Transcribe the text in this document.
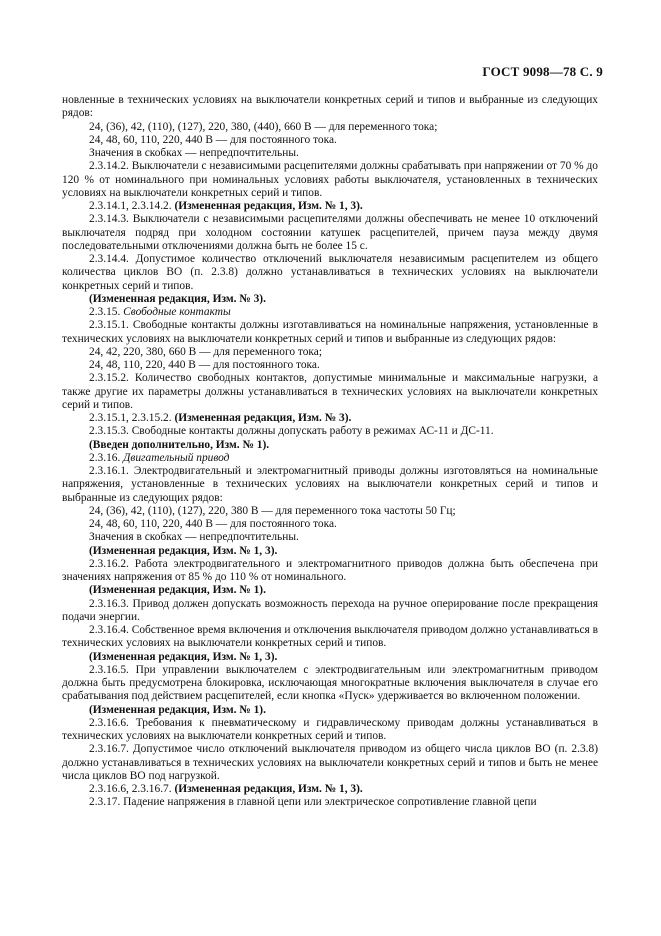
ГОСТ 9098—78 С. 9

новленные в технических условиях на выключатели конкретных серий и типов и выбранные из следующих рядов:

24, (36), 42, (110), (127), 220, 380, (440), 660 В — для переменного тока;

24, 48, 60, 110, 220, 440 В — для постоянного тока.

Значения в скобках — непредпочтительны.

2.3.14.2. Выключатели с независимыми расцепителями должны срабатывать при напряжении от 70 % до 120 % от номинального при номинальных условиях работы выключателя, установленных в технических условиях на выключатели конкретных серий и типов.

2.3.14.1, 2.3.14.2. (Измененная редакция, Изм. № 1, 3).

2.3.14.3. Выключатели с независимыми расцепителями должны обеспечивать не менее 10 отключений выключателя подряд при холодном состоянии катушек расцепителей, причем пауза между двумя последовательными отключениями должна быть не более 15 с.

2.3.14.4. Допустимое количество отключений выключателя независимым расцепителем из общего количества циклов ВО (п. 2.3.8) должно устанавливаться в технических условиях на выключатели конкретных серий и типов.

(Измененная редакция, Изм. № 3).

2.3.15. Свободные контакты

2.3.15.1. Свободные контакты должны изготавливаться на номинальные напряжения, установленные в технических условиях на выключатели конкретных серий и типов и выбранные из следующих рядов:

24, 42, 220, 380, 660 В — для переменного тока;

24, 48, 110, 220, 440 В — для постоянного тока.

2.3.15.2. Количество свободных контактов, допустимые минимальные и максимальные нагрузки, а также другие их параметры должны устанавливаться в технических условиях на выключатели конкретных серий и типов.

2.3.15.1, 2.3.15.2. (Измененная редакция, Изм. № 3).

2.3.15.3. Свободные контакты должны допускать работу в режимах АС-11 и ДС-11.

(Введен дополнительно, Изм. № 1).

2.3.16. Двигательный привод

2.3.16.1. Электродвигательный и электромагнитный приводы должны изготовляться на номинальные напряжения, установленные в технических условиях на выключатели конкретных серий и типов и выбранные из следующих рядов:

24, (36), 42, (110), (127), 220, 380 В — для переменного тока частоты 50 Гц;

24, 48, 60, 110, 220, 440 В — для постоянного тока.

Значения в скобках — непредпочтительны.

(Измененная редакция, Изм. № 1, 3).

2.3.16.2. Работа электродвигательного и электромагнитного приводов должна быть обеспечена при значениях напряжения от 85 % до 110 % от номинального.

(Измененная редакция, Изм. № 1).

2.3.16.3. Привод должен допускать возможность перехода на ручное оперирование после прекращения подачи энергии.

2.3.16.4. Собственное время включения и отключения выключателя приводом должно устанавливаться в технических условиях на выключатели конкретных серий и типов.

(Измененная редакция, Изм. № 1, 3).

2.3.16.5. При управлении выключателем с электродвигательным или электромагнитным приводом должна быть предусмотрена блокировка, исключающая многократные включения выключателя в случае его срабатывания под действием расцепителей, если кнопка «Пуск» удерживается во включенном положении.

(Измененная редакция, Изм. № 1).

2.3.16.6. Требования к пневматическому и гидравлическому приводам должны устанавливаться в технических условиях на выключатели конкретных серий и типов.

2.3.16.7. Допустимое число отключений выключателя приводом из общего числа циклов ВО (п. 2.3.8) должно устанавливаться в технических условиях на выключатели конкретных серий и типов и быть не менее числа циклов ВО под нагрузкой.

2.3.16.6, 2.3.16.7. (Измененная редакция, Изм. № 1, 3).

2.3.17. Падение напряжения в главной цепи или электрическое сопротивление главной цепи
